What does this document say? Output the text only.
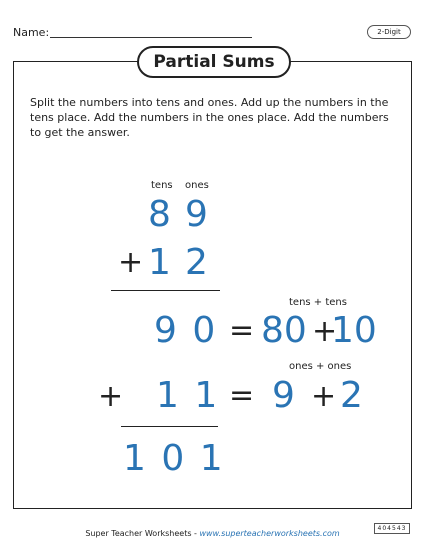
Name:	2-Digit
Partial Sums
Split the numbers into tens and ones. Add up the numbers in the tens place. Add the numbers in the ones place. Add the numbers to get the answer.
tens ones
8 9
+ 1 2
9 0 =
tens + tens
80 +
10
+ 1 1 =
ones + ones
9 + 2
1 0 1
Super Teacher Worksheets - www.superteacherworksheets.com
404543
